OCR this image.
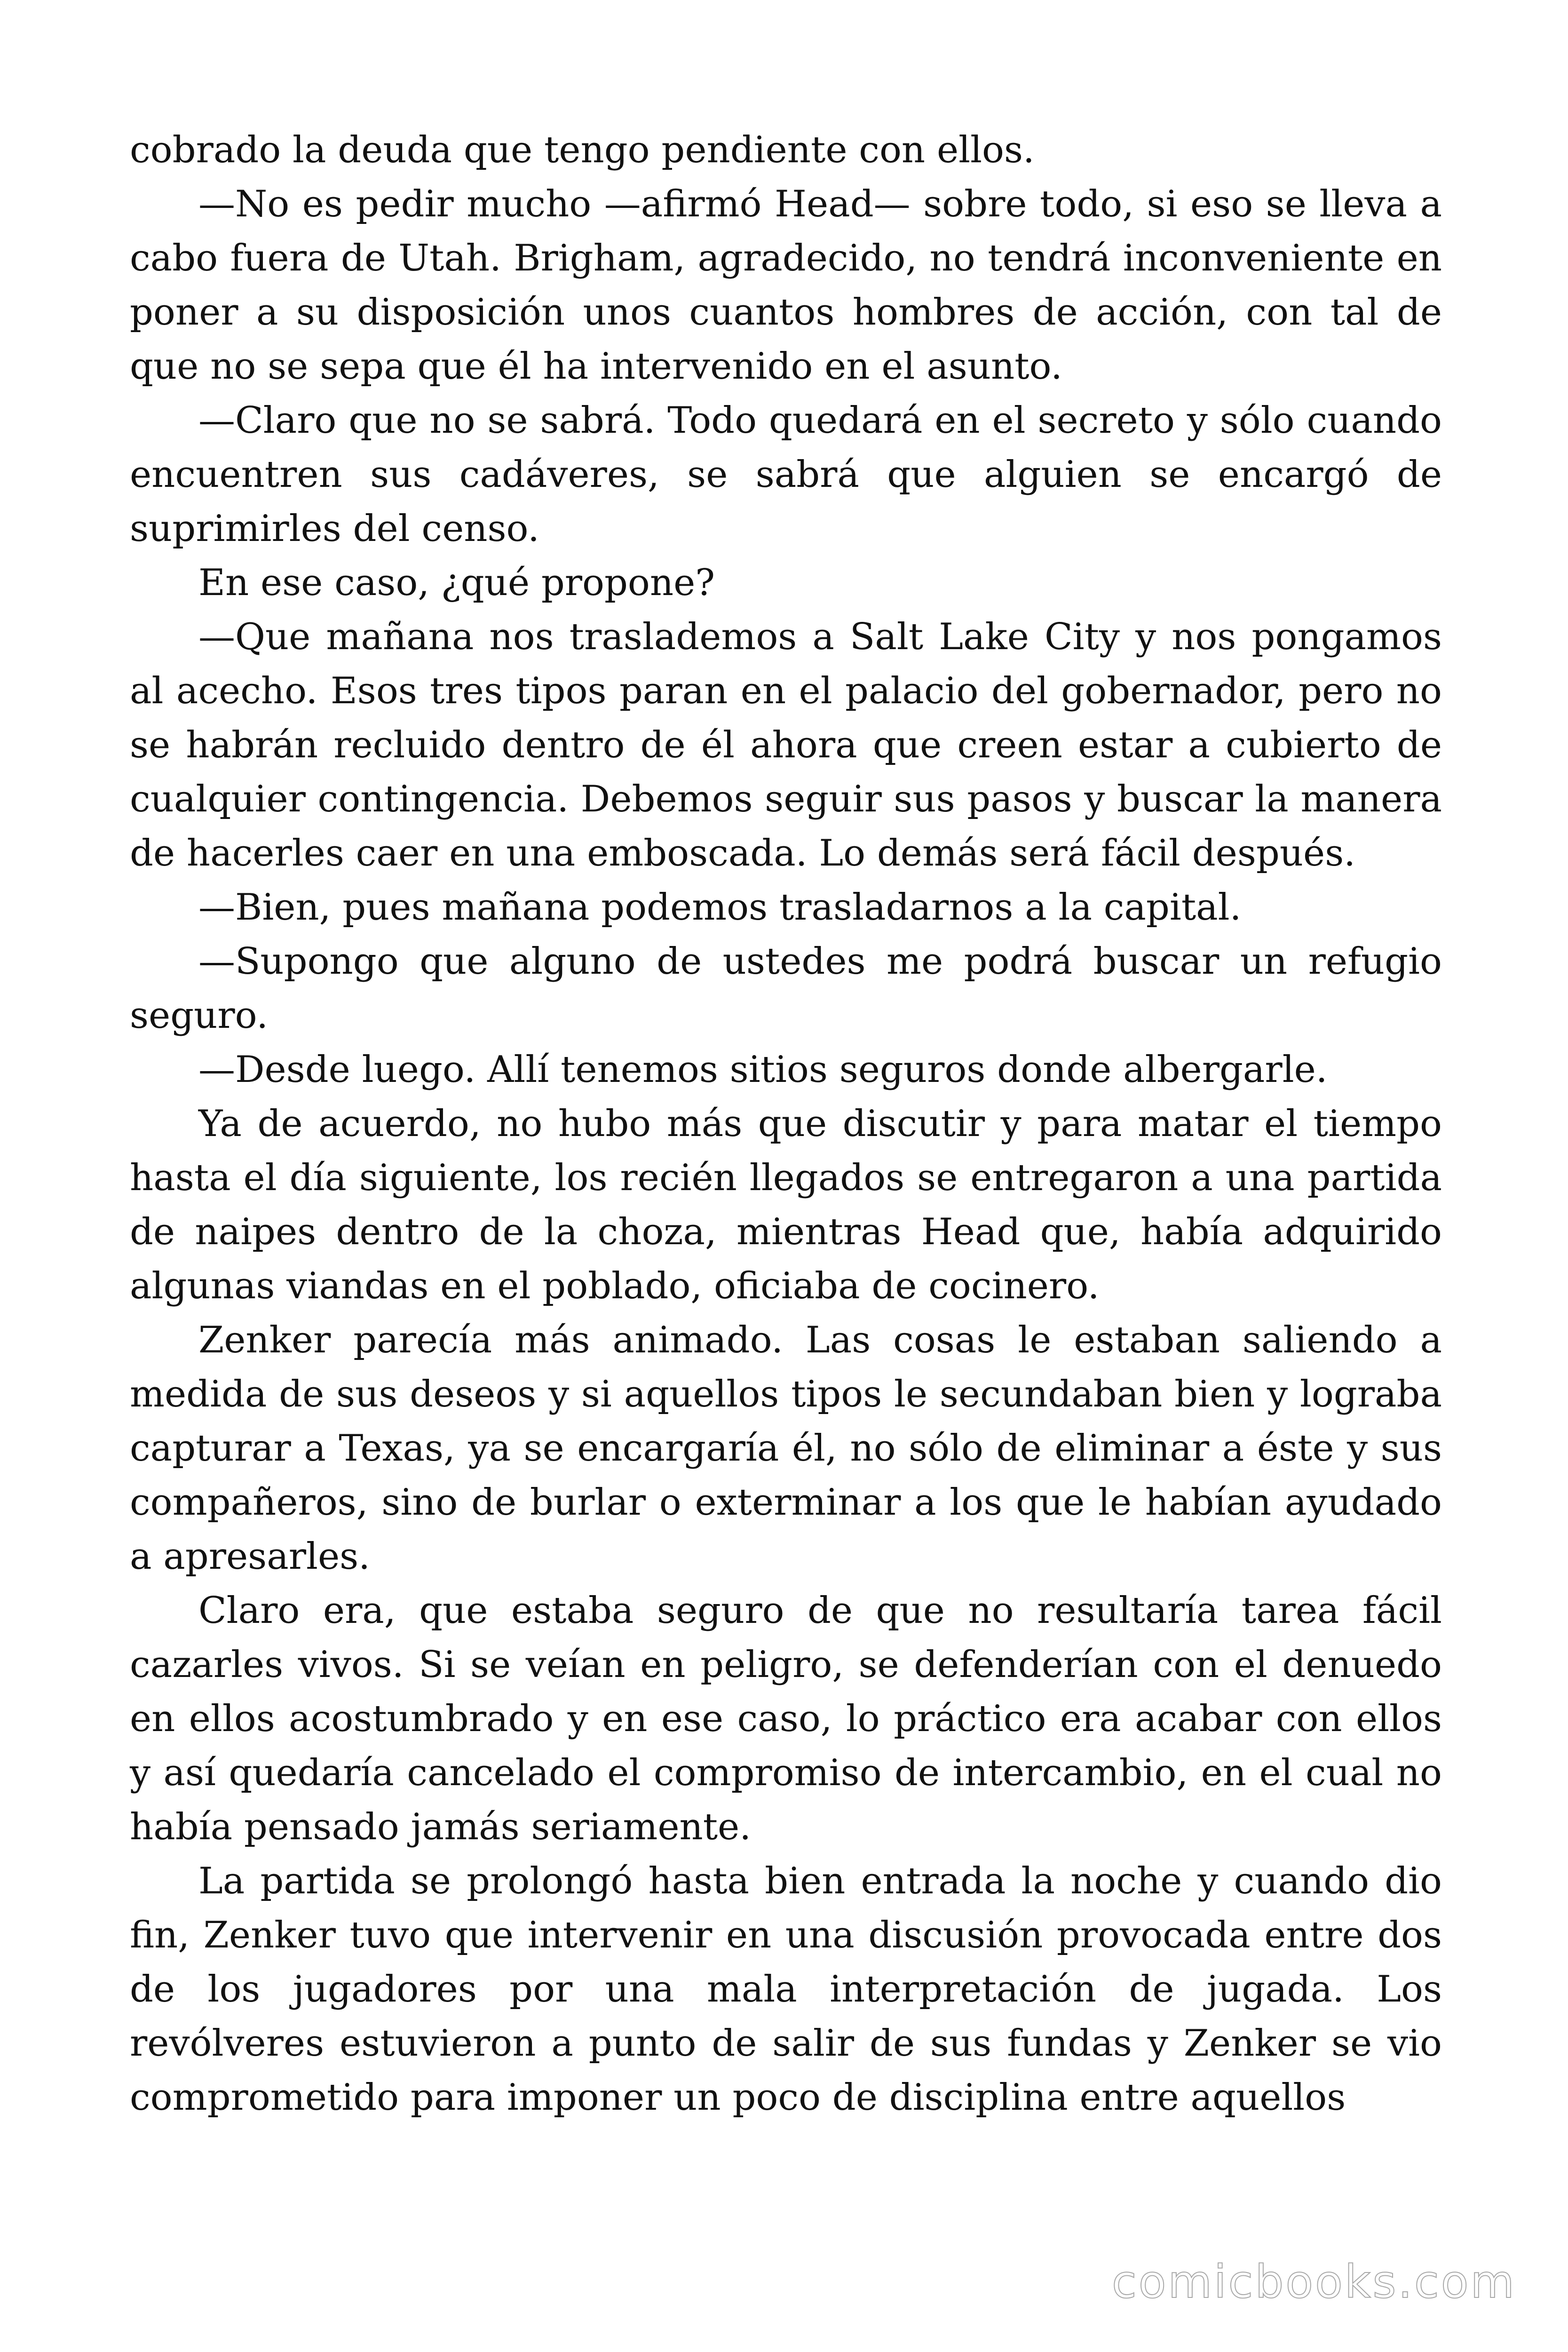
cobrado la deuda que tengo pendiente con ellos.

—No es pedir mucho —afirmó Head— sobre todo, si eso se lleva a cabo fuera de Utah. Brigham, agradecido, no tendrá inconveniente en poner a su disposición unos cuantos hombres de acción, con tal de que no se sepa que él ha intervenido en el asunto.

—Claro que no se sabrá. Todo quedará en el secreto y sólo cuando encuentren sus cadáveres, se sabrá que alguien se encargó de suprimirles del censo.

En ese caso, ¿qué propone?

—Que mañana nos traslademos a Salt Lake City y nos pongamos al acecho. Esos tres tipos paran en el palacio del gobernador, pero no se habrán recluido dentro de él ahora que creen estar a cubierto de cualquier contingencia. Debemos seguir sus pasos y buscar la manera de hacerles caer en una emboscada. Lo demás será fácil después.

—Bien, pues mañana podemos trasladarnos a la capital.

—Supongo que alguno de ustedes me podrá buscar un refugio seguro.

—Desde luego. Allí tenemos sitios seguros donde albergarle.

Ya de acuerdo, no hubo más que discutir y para matar el tiempo hasta el día siguiente, los recién llegados se entregaron a una partida de naipes dentro de la choza, mientras Head que, había adquirido algunas viandas en el poblado, oficiaba de cocinero.

Zenker parecía más animado. Las cosas le estaban saliendo a medida de sus deseos y si aquellos tipos le secundaban bien y lograba capturar a Texas, ya se encargaría él, no sólo de eliminar a éste y sus compañeros, sino de burlar o exterminar a los que le habían ayudado a apresarles.

Claro era, que estaba seguro de que no resultaría tarea fácil cazarles vivos. Si se veían en peligro, se defenderían con el denuedo en ellos acostumbrado y en ese caso, lo práctico era acabar con ellos y así quedaría cancelado el compromiso de intercambio, en el cual no había pensado jamás seriamente.

La partida se prolongó hasta bien entrada la noche y cuando dio fin, Zenker tuvo que intervenir en una discusión provocada entre dos de los jugadores por una mala interpretación de jugada. Los revólveres estuvieron a punto de salir de sus fundas y Zenker se vio comprometido para imponer un poco de disciplina entre aquellos

comicbooks.com
